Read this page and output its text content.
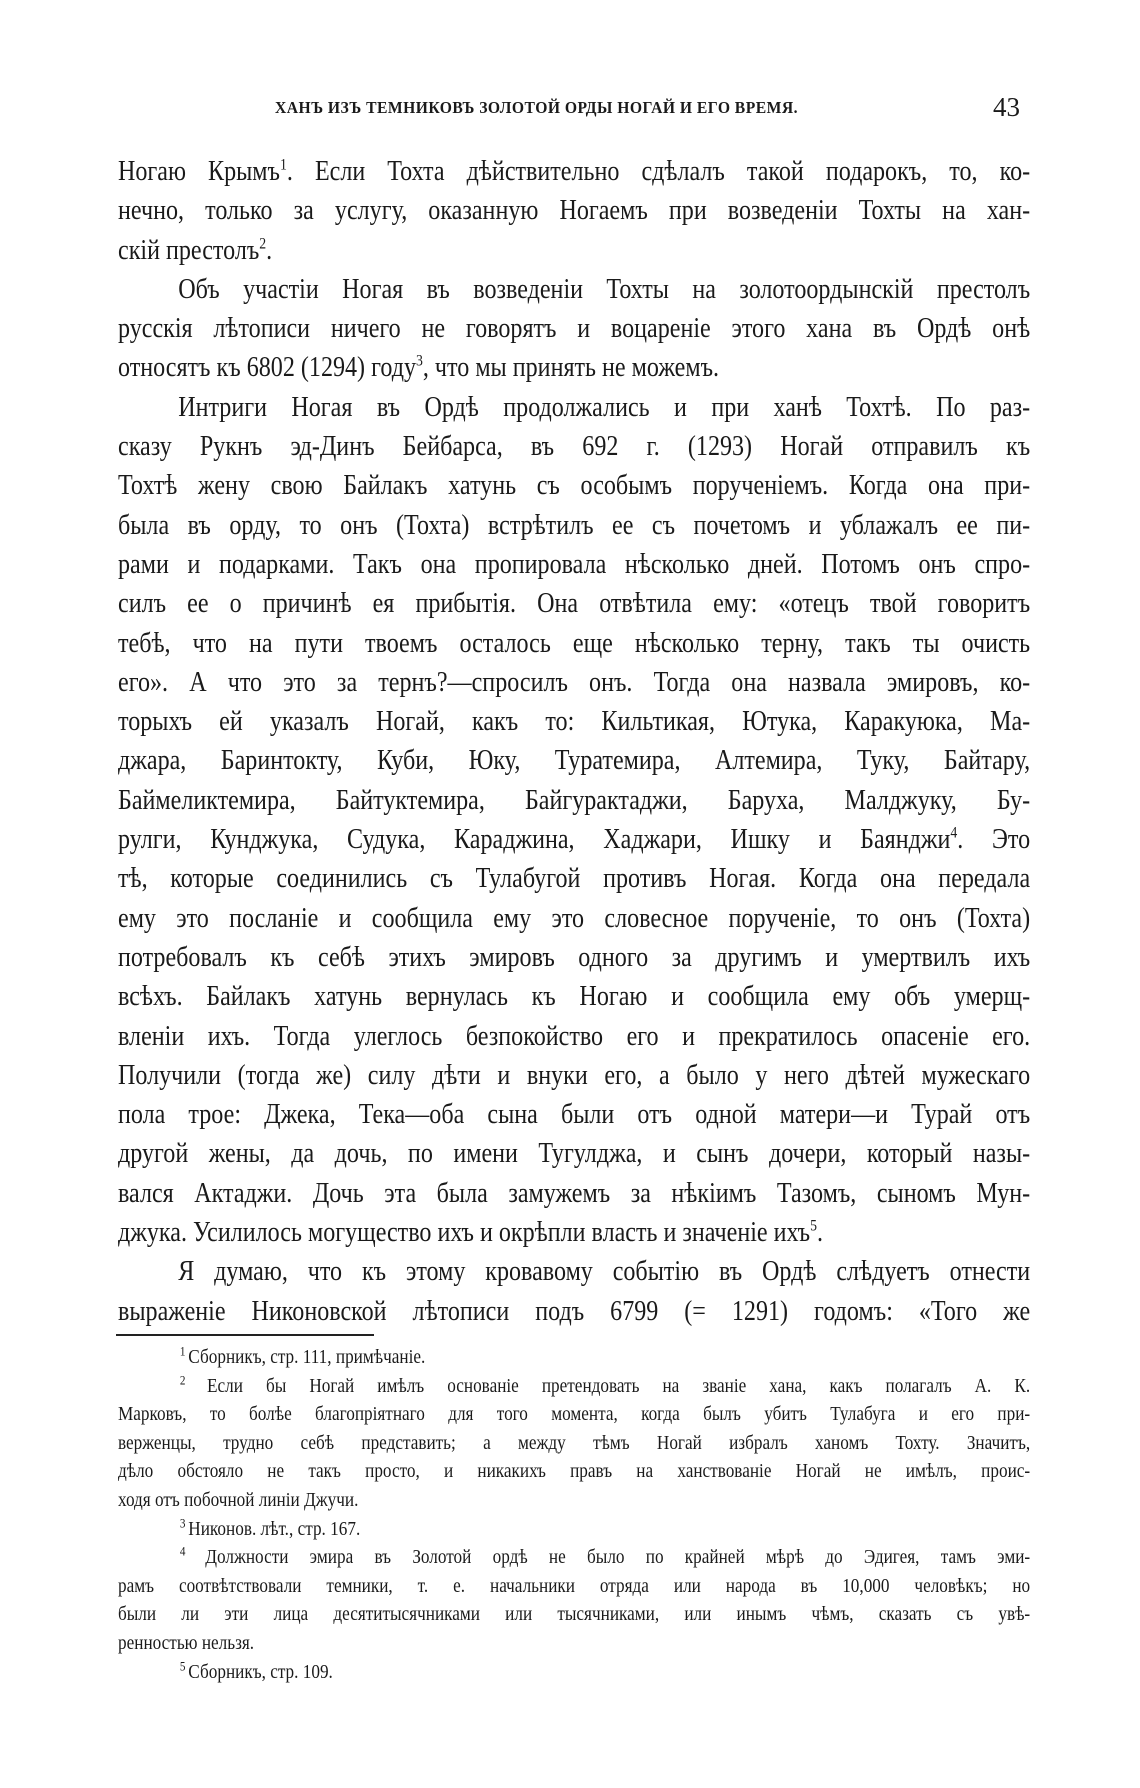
ХАНЪ ИЗЪ ТЕМНИКОВЪ ЗОЛОТОЙ ОРДЫ НОГАЙ И ЕГО ВРЕМЯ.	43
Ногаю Крымъ$^1$. Если Тохта дѣйствительно сдѣлалъ такой подарокъ, то, ко-
нечно, только за услугу, оказанную Ногаемъ при возведеніи Тохты на хан-
скій престолъ$^2$.
Объ участіи Ногая въ возведеніи Тохты на золотоордынскій престолъ
русскія лѣтописи ничего не говорятъ и воцареніе этого хана въ Ордѣ онѣ
относятъ къ 6802 (1294) году$^3$, что мы принять не можемъ.
Интриги Ногая въ Ордѣ продолжались и при ханѣ Тохтѣ. По раз-
сказу Рукнъ эд-Динъ Бейбарса, въ 692 г. (1293) Ногай отправилъ къ
Тохтѣ жену свою Байлакъ хатунь съ особымъ порученіемъ. Когда она при-
была въ орду, то онъ (Тохта) встрѣтилъ ее съ почетомъ и ублажалъ ее пи-
рами и подарками. Такъ она пропировала нѣсколько дней. Потомъ онъ спро-
силъ ее о причинѣ ея прибытія. Она отвѣтила ему: «отецъ твой говоритъ
тебѣ, что на пути твоемъ осталось еще нѣсколько терну, такъ ты очисть
его». А что это за тернъ?—спросилъ онъ. Тогда она назвала эмировъ, ко-
торыхъ ей указалъ Ногай, какъ то: Кильтикая, Ютука, Каракуюка, Ма-
джара, Баринтокту, Куби, Юку, Туратемира, Алтемира, Туку, Байтару,
Баймеликтемира, Байтуктемира, Байгурактаджи, Баруха, Малджуку, Бу-
рулги, Кунджука, Судука, Караджина, Хаджари, Ишку и Баянджи$^4$. Это
тѣ, которые соединились съ Тулабугой противъ Ногая. Когда она передала
ему это посланіе и сообщила ему это словесное порученіе, то онъ (Тохта)
потребовалъ къ себѣ этихъ эмировъ одного за другимъ и умертвилъ ихъ
всѣхъ. Байлакъ хатунь вернулась къ Ногаю и сообщила ему объ умерщ-
вленіи ихъ. Тогда улеглось безпокойство его и прекратилось опасеніе его.
Получили (тогда же) силу дѣти и внуки его, а было у него дѣтей мужескаго
пола трое: Джека, Тека—оба сына были отъ одной матери—и Турай отъ
другой жены, да дочь, по имени Тугулджа, и сынъ дочери, который назы-
вался Актаджи. Дочь эта была замужемъ за нѣкіимъ Тазомъ, сыномъ Мун-
джука. Усилилось могущество ихъ и окрѣпли власть и значеніе ихъ$^5$.
Я думаю, что къ этому кровавому событію въ Ордѣ слѣдуетъ отнести
выраженіе Никоновской лѣтописи подъ 6799 (= 1291) годомъ: «Того же
$^1$ Сборникъ, стр. 111, примѣчаніе.
$^2$ Если бы Ногай имѣлъ основаніе претендовать на званіе хана, какъ полагалъ А. К.
Марковъ, то болѣе благопріятнаго для того момента, когда былъ убитъ Тулабуга и его при-
верженцы, трудно себѣ представить; а между тѣмъ Ногай избралъ ханомъ Тохту. Значитъ,
дѣло обстояло не такъ просто, и никакихъ правъ на ханствованіе Ногай не имѣлъ, проис-
ходя отъ побочной линіи Джучи.
$^3$ Никонов. лѣт., стр. 167.
$^4$ Должности эмира въ Золотой ордѣ не было по крайней мѣрѣ до Эдигея, тамъ эми-
рамъ соотвѣтствовали темники, т. е. начальники отряда или народа въ 10,000 человѣкъ; но
были ли эти лица десятитысячниками или тысячниками, или инымъ чѣмъ, сказать съ увѣ-
ренностью нельзя.
$^5$ Сборникъ, стр. 109.
